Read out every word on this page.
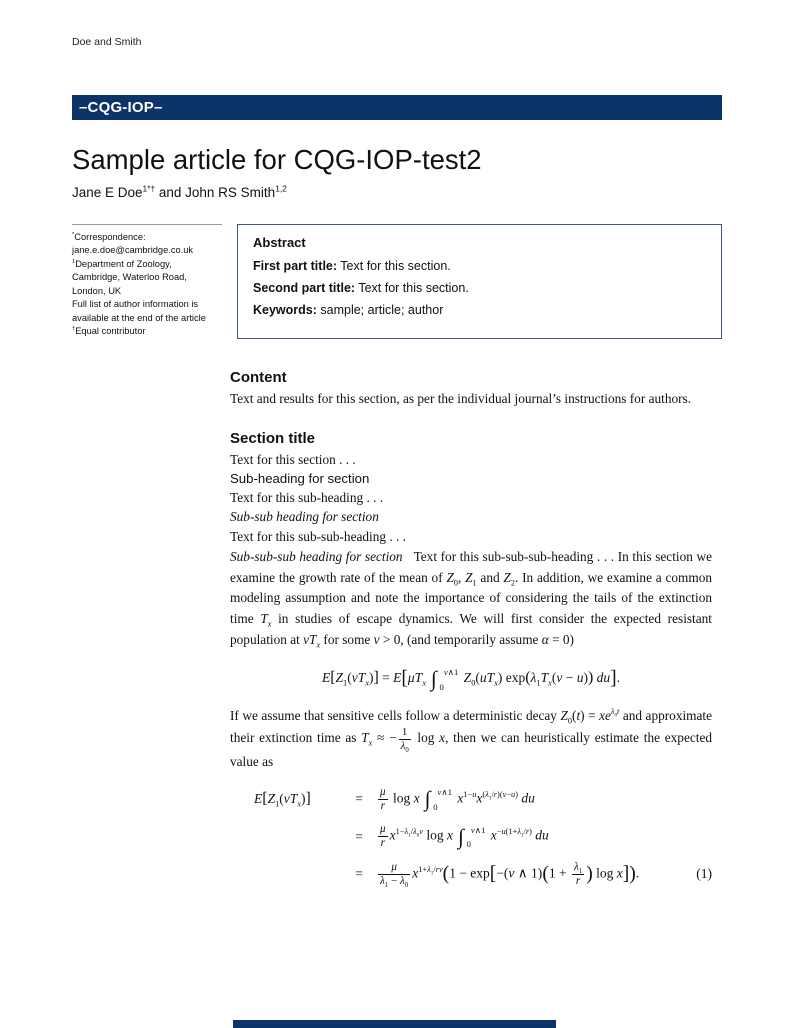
Doe and Smith
–CQG-IOP–
Sample article for CQG-IOP-test2
Jane E Doe$^{1*\dagger}$ and John RS Smith$^{1,2}$
*Correspondence:
jane.e.doe@cambridge.co.uk
$^1$Department of Zoology,
Cambridge, Waterloo Road,
London, UK
Full list of author information is
available at the end of the article
†Equal contributor
Abstract
First part title: Text for this section.
Second part title: Text for this section.
Keywords: sample; article; author
Content

Text and results for this section, as per the individual journal’s instructions for authors.

Section title

Text for this section . . .

Sub-heading for section

Text for this sub-heading . . .

Sub-sub heading for section

Text for this sub-sub-heading . . .

Sub-sub-sub heading for section Text for this sub-sub-sub-heading . . . In this section we examine the growth rate of the mean of $Z_0$, $Z_1$ and $Z_2$. In addition, we examine a common modeling assumption and note the importance of considering the tails of the extinction time $T_x$ in studies of escape dynamics. We will first consider the expected resistant population at $vT_x$ for some v > 0, (and temporarily assume α = 0)

$E[Z_1(vT_x)] = E[\mu T_x$ ∫ v∧1
0
$Z_0(uT_x) \exp(\lambda_1T_x(v - u))$ du].

If we assume that sensitive cells follow a deterministic decay $Z_0(t) = xe^{\lambda_0t}$ and approximate their extinction time as $T_x$ ≈ − $\frac{1}{\lambda_0}$ log x, then we can heuristically estimate the expected value as

$E[Z_1(vT_x)]$	=	$\frac{\mu}{r}$ log x ∫ v∧1
0
$x^{1-u}x^{(\lambda_1/r)(v-u)}$ du
=	$\frac{\mu}{r} x^{1-\lambda_1/\lambda_0v}$ log x ∫ v∧1
0
$x^{-u(1+\lambda_1/r)}$ du
=	$\frac{\mu}{\lambda_1 - \lambda_0} x^{1+\lambda_1/rv}(1 - \exp[-(v$ ∧ $1)(1 + \frac{\lambda_1}{r}$ ) log x]).	(1)
